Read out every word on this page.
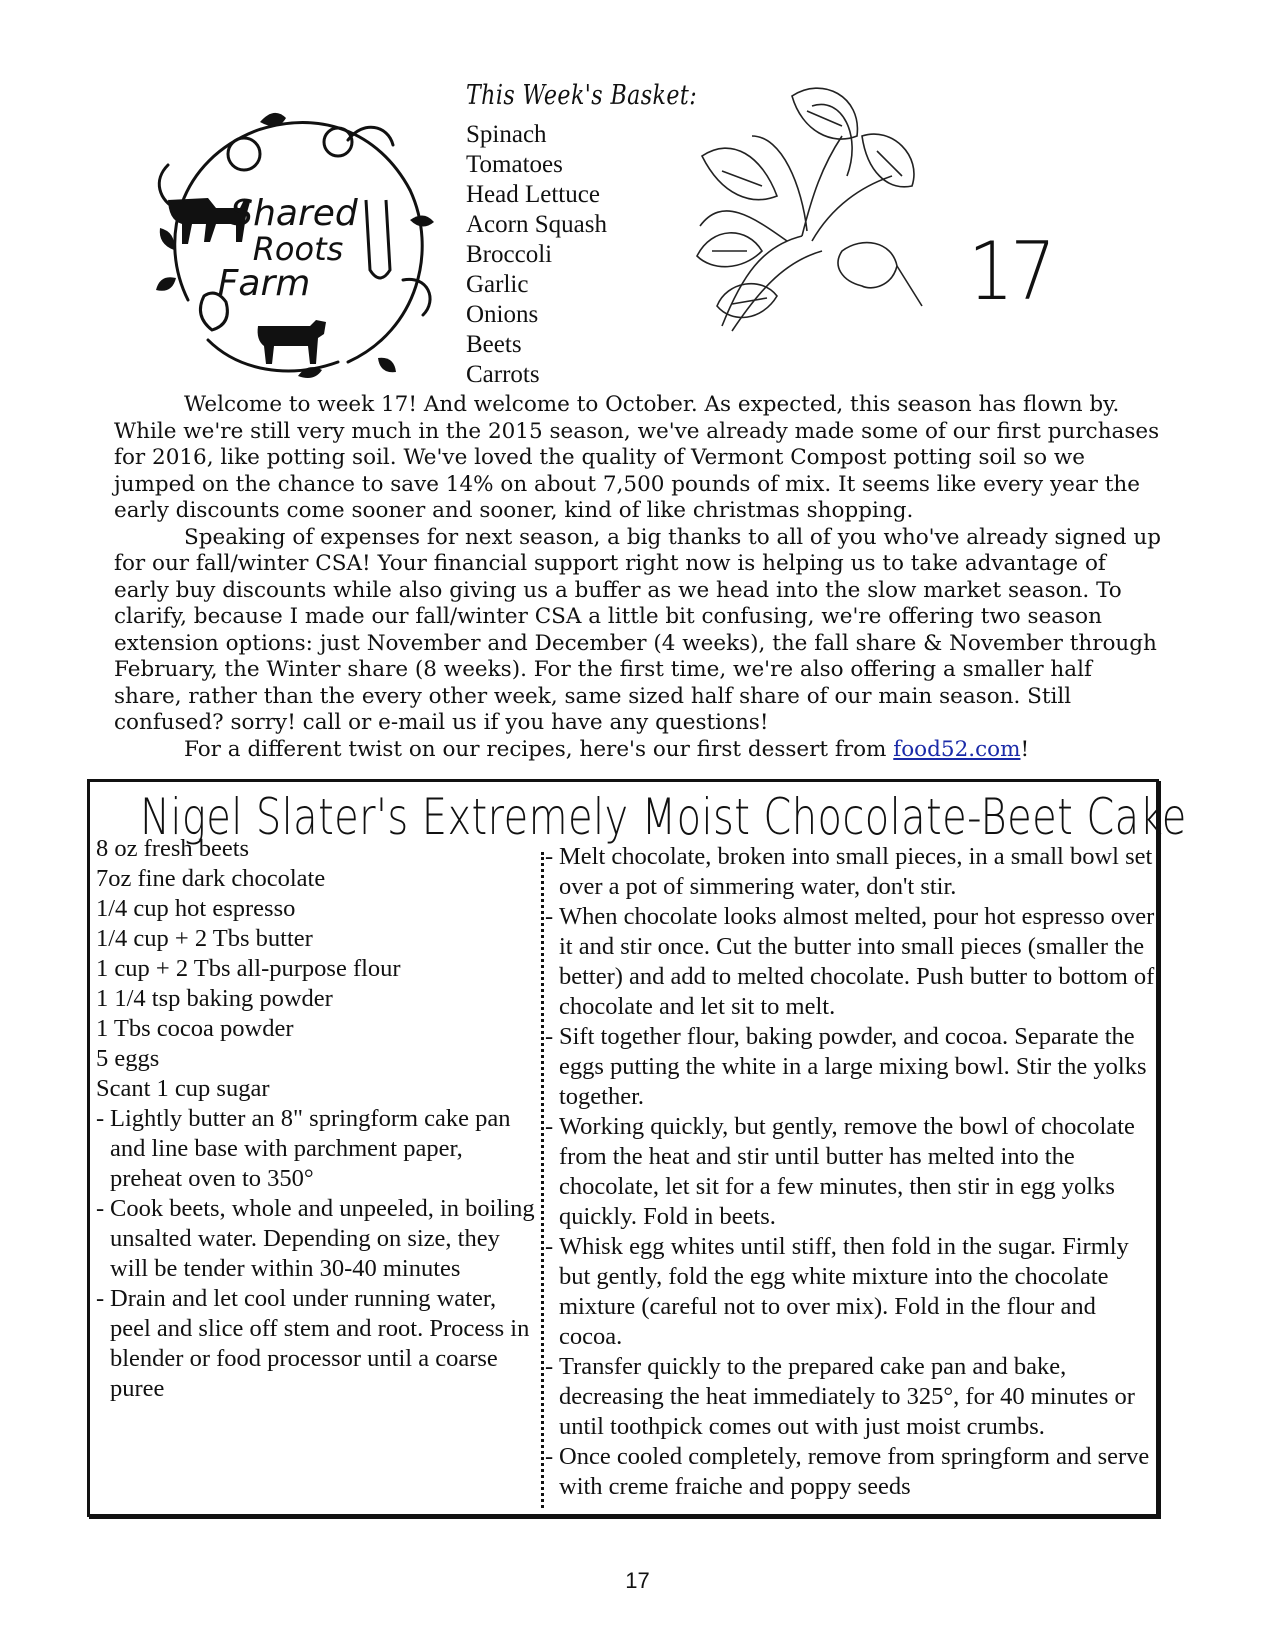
Shared
Roots
Farm
This Week's Basket:
Spinach
Tomatoes
Head Lettuce
Acorn Squash
Broccoli
Garlic
Onions
Beets
Carrots
17

Welcome to week 17! And welcome to October. As expected, this season has flown by. While we're still very much in the 2015 season, we've already made some of our first purchases for 2016, like potting soil. We've loved the quality of Vermont Compost potting soil so we jumped on the chance to save 14% on about 7,500 pounds of mix. It seems like every year the early discounts come sooner and sooner, kind of like christmas shopping.

Speaking of expenses for next season, a big thanks to all of you who've already signed up for our fall/winter CSA! Your financial support right now is helping us to take advantage of early buy discounts while also giving us a buffer as we head into the slow market season. To clarify, because I made our fall/winter CSA a little bit confusing, we're offering two season extension options: just November and December (4 weeks), the fall share & November through February, the Winter share (8 weeks). For the first time, we're also offering a smaller half share, rather than the every other week, same sized half share of our main season. Still confused? sorry! call or e-mail us if you have any questions!

For a different twist on our recipes, here's our first dessert from food52.com!

Nigel Slater's Extremely Moist Chocolate-Beet Cake
8 oz fresh beets
7oz fine dark chocolate
1/4 cup hot espresso
1/4 cup + 2 Tbs butter
1 cup + 2 Tbs all-purpose flour
1 1/4 tsp baking powder
1 Tbs cocoa powder
5 eggs
Scant 1 cup sugar
- Lightly butter an 8" springform cake pan and line base with parchment paper, preheat oven to 350°
- Cook beets, whole and unpeeled, in boiling unsalted water. Depending on size, they will be tender within 30-40 minutes
- Drain and let cool under running water, peel and slice off stem and root. Process in blender or food processor until a coarse puree
- Melt chocolate, broken into small pieces, in a small bowl set over a pot of simmering water, don't stir.
- When chocolate looks almost melted, pour hot espresso over it and stir once. Cut the butter into small pieces (smaller the better) and add to melted chocolate. Push butter to bottom of chocolate and let sit to melt.
- Sift together flour, baking powder, and cocoa. Separate the eggs putting the white in a large mixing bowl. Stir the yolks together.
- Working quickly, but gently, remove the bowl of chocolate from the heat and stir until butter has melted into the chocolate, let sit for a few minutes, then stir in egg yolks quickly. Fold in beets.
- Whisk egg whites until stiff, then fold in the sugar. Firmly but gently, fold the egg white mixture into the chocolate mixture (careful not to over mix). Fold in the flour and cocoa.
- Transfer quickly to the prepared cake pan and bake, decreasing the heat immediately to 325°, for 40 minutes or until toothpick comes out with just moist crumbs.
- Once cooled completely, remove from springform and serve with creme fraiche and poppy seeds
17
